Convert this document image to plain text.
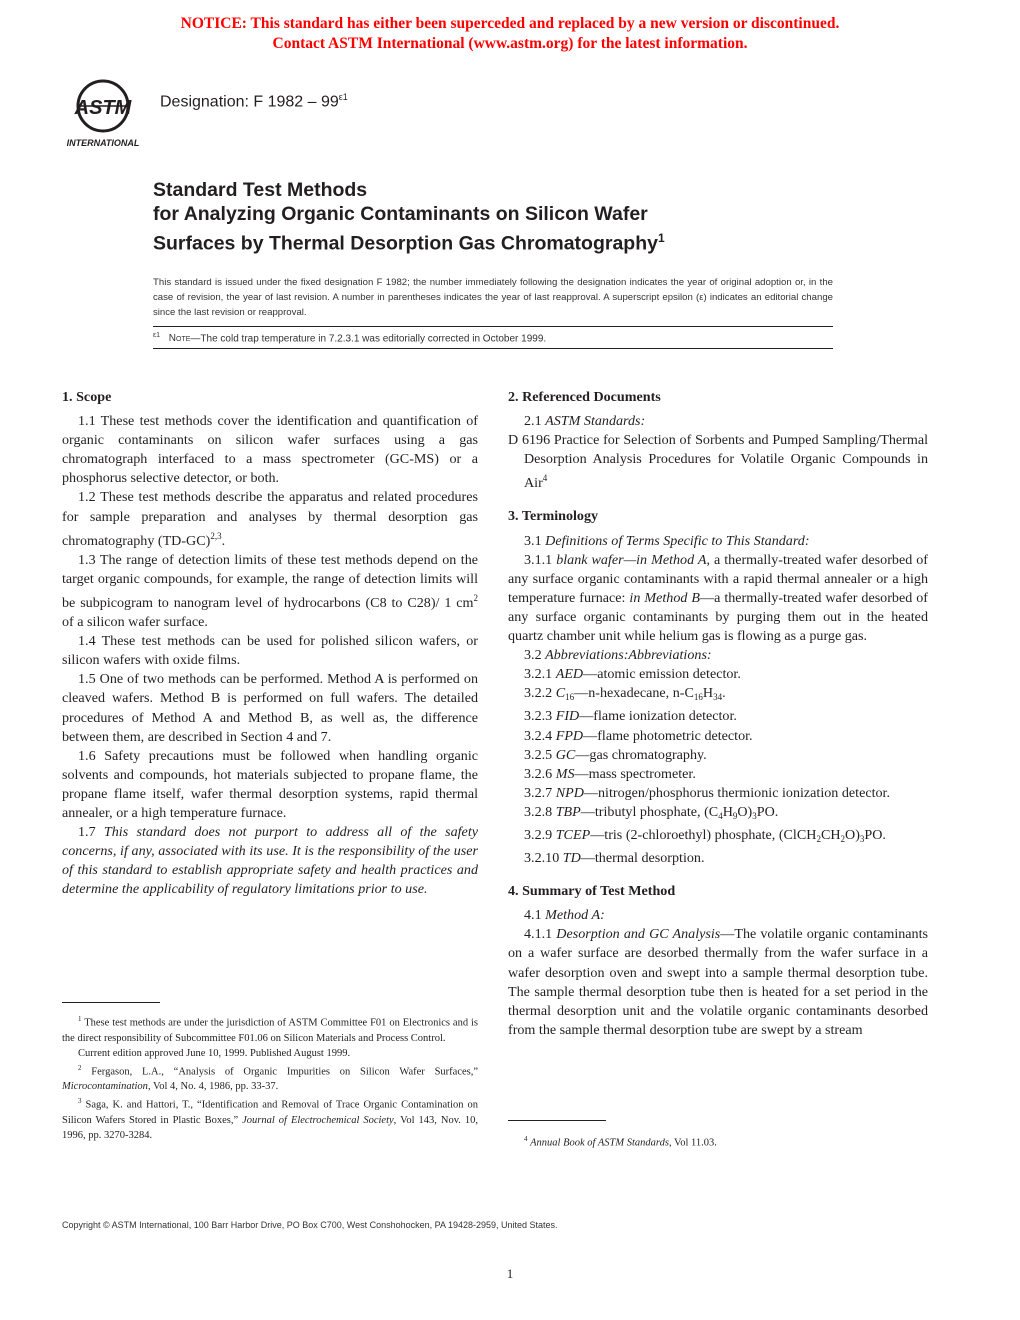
NOTICE: This standard has either been superceded and replaced by a new version or discontinued.
Contact ASTM International (www.astm.org) for the latest information.
ASTM
INTERNATIONAL
Designation: F $1982 - 99^{\varepsilon 1}$
Standard Test Methods
for Analyzing Organic Contaminants on Silicon Wafer
Surfaces by Thermal Desorption Gas Chromatography$^1$
This standard is issued under the fixed designation F 1982; the number immediately following the designation indicates the year of original adoption or, in the case of revision, the year of last revision. A number in parentheses indicates the year of last reapproval. A superscript epsilon (ε) indicates an editorial change since the last revision or reapproval.
$^{\varepsilon 1}$ Note—The cold trap temperature in 7.2.3.1 was editorially corrected in October 1999.
1. Scope

1.1 These test methods cover the identification and quantification of organic contaminants on silicon wafer surfaces using a gas chromatograph interfaced to a mass spectrometer (GC-MS) or a phosphorus selective detector, or both.

1.2 These test methods describe the apparatus and related procedures for sample preparation and analyses by thermal desorption gas chromatography $(TD-GC)^{2,3}$.

1.3 The range of detection limits of these test methods depend on the target organic compounds, for example, the range of detection limits will be subpicogram to nanogram level of hydrocarbons (C8 to C28)/ 1 $cm^2$ of a silicon wafer surface.

1.4 These test methods can be used for polished silicon wafers, or silicon wafers with oxide films.

1.5 One of two methods can be performed. Method A is performed on cleaved wafers. Method B is performed on full wafers. The detailed procedures of Method A and Method B, as well as, the difference between them, are described in Section 4 and 7.

1.6 Safety precautions must be followed when handling organic solvents and compounds, hot materials subjected to propane flame, the propane flame itself, wafer thermal desorption systems, rapid thermal annealer, or a high temperature furnace.

1.7 This standard does not purport to address all of the safety concerns, if any, associated with its use. It is the responsibility of the user of this standard to establish appropriate safety and health practices and determine the applicability of regulatory limitations prior to use.

$^1$ These test methods are under the jurisdiction of ASTM Committee F01 on Electronics and is the direct responsibility of Subcommittee F01.06 on Silicon Materials and Process Control.

Current edition approved June 10, 1999. Published August 1999.

$^2$ Fergason, L.A., “Analysis of Organic Impurities on Silicon Wafer Surfaces,” Microcontamination, Vol 4, No. 4, 1986, pp. 33-37.

$^3$ Saga, K. and Hattori, T., “Identification and Removal of Trace Organic Contamination on Silicon Wafers Stored in Plastic Boxes,” Journal of Electrochemical Society, Vol 143, Nov. 10, 1996, pp. 3270-3284.

2. Referenced Documents

2.1 ASTM Standards:

D 6196 Practice for Selection of Sorbents and Pumped Sampling/Thermal Desorption Analysis Procedures for Volatile Organic Compounds in Air$^4$

3. Terminology

3.1 Definitions of Terms Specific to This Standard:

3.1.1 blank wafer—in Method A, a thermally-treated wafer desorbed of any surface organic contaminants with a rapid thermal annealer or a high temperature furnace: in Method B—a thermally-treated wafer desorbed of any surface organic contaminants by purging them out in the heated quartz chamber unit while helium gas is flowing as a purge gas.

3.2 Abbreviations:Abbreviations:

3.2.1 AED—atomic emission detector.

3.2.2 $C_{16}—n$-hexadecane, $n-C_{16}H_{34}$.

3.2.3 FID—flame ionization detector.

3.2.4 FPD—flame photometric detector.

3.2.5 GC—gas chromatography.

3.2.6 MS—mass spectrometer.

3.2.7 NPD—nitrogen/phosphorus thermionic ionization detector.

3.2.8 TBP—tributyl phosphate, $(C_4H_9O)_3PO$.

3.2.9 TCEP—tris (2-chloroethyl) phosphate, $(ClCH_2CH_2O)_3PO$.

3.2.10 TD—thermal desorption.

4. Summary of Test Method

4.1 Method A:

4.1.1 Desorption and GC Analysis—The volatile organic contaminants on a wafer surface are desorbed thermally from the wafer surface in a wafer desorption oven and swept into a sample thermal desorption tube. The sample thermal desorption tube then is heated for a set period in the thermal desorption unit and the volatile organic contaminants desorbed from the sample thermal desorption tube are swept by a stream

$^4$ Annual Book of ASTM Standards, Vol 11.03.

Copyright © ASTM International, 100 Barr Harbor Drive, PO Box C700, West Conshohocken, PA 19428-2959, United States.
1
